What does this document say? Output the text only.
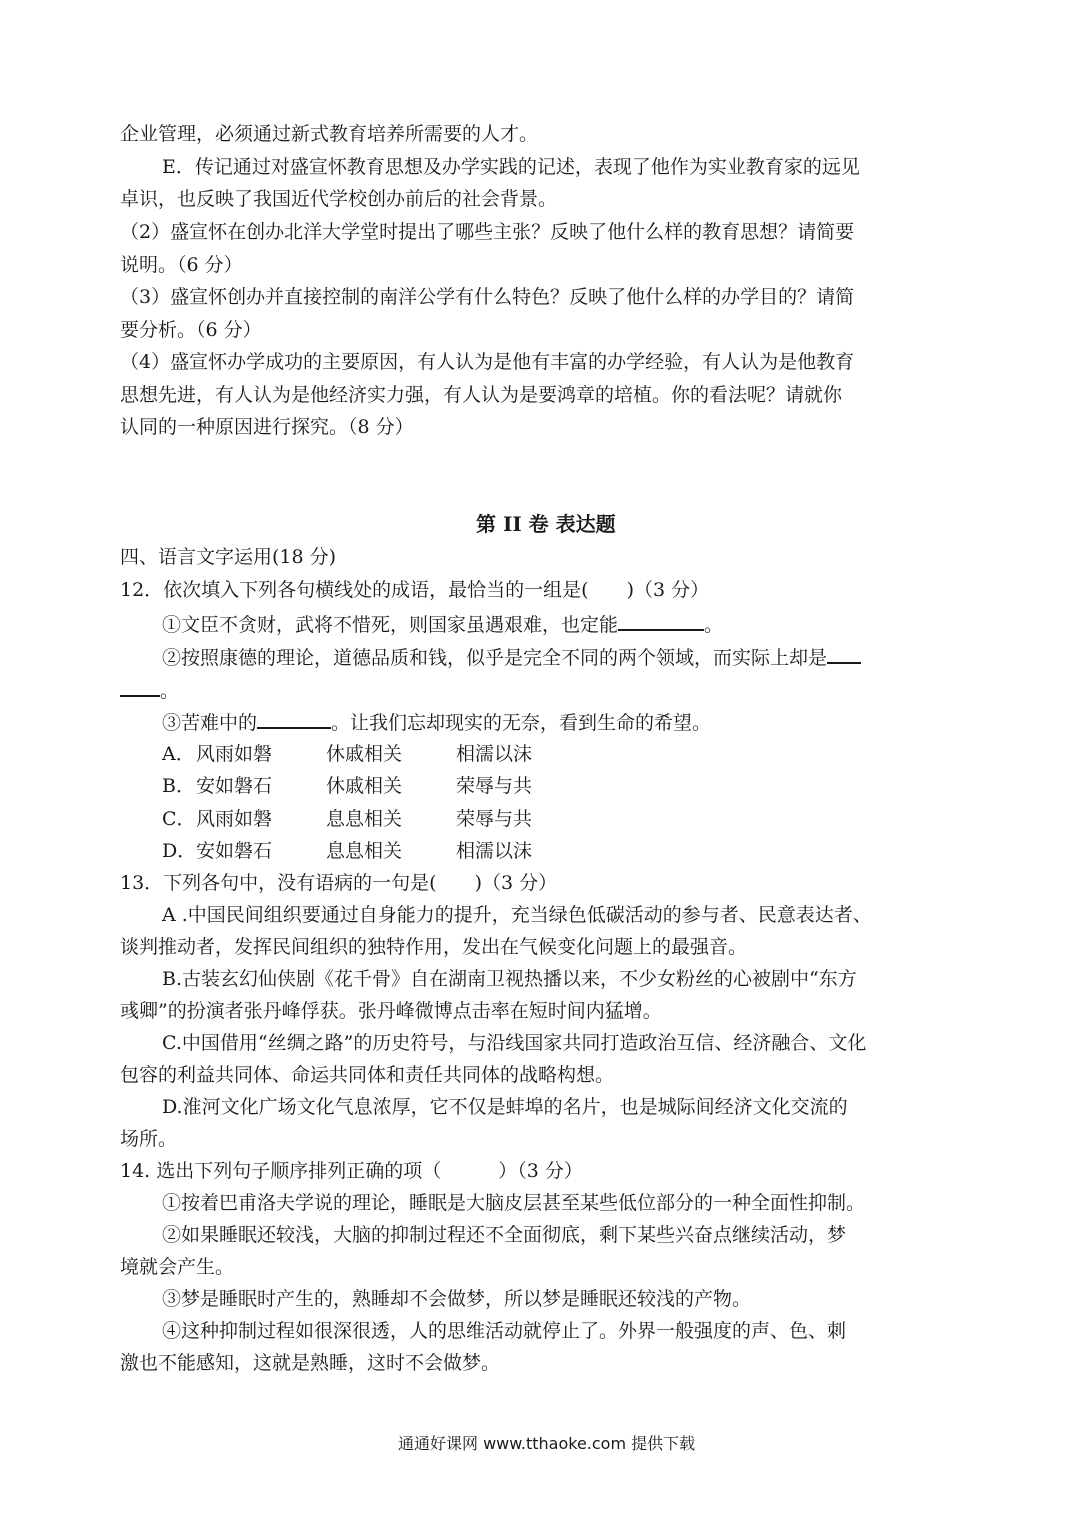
企业管理，必须通过新式教育培养所需要的人才。
E．传记通过对盛宣怀教育思想及办学实践的记述，表现了他作为实业教育家的远见
卓识，也反映了我国近代学校创办前后的社会背景。
（2）盛宣怀在创办北洋大学堂时提出了哪些主张？反映了他什么样的教育思想？请简要
说明。（6 分）
（3）盛宣怀创办并直接控制的南洋公学有什么特色？反映了他什么样的办学目的？请简
要分析。（6 分）
（4）盛宣怀办学成功的主要原因，有人认为是他有丰富的办学经验，有人认为是他教育
思想先进，有人认为是他经济实力强，有人认为是要鸿章的培植。你的看法呢？请就你
认同的一种原因进行探究。（8 分）
第 II 卷 表达题
四、语言文字运用(18 分)
12．依次填入下列各句横线处的成语，最恰当的一组是(　　)（3 分）
①文臣不贪财，武将不惜死，则国家虽遇艰难，也定能	。
②按照康德的理论，道德品质和钱，似乎是完全不同的两个领域，而实际上却是
。
③苦难中的	。让我们忘却现实的无奈，看到生命的希望。
A．风雨如磐	休戚相关	相濡以沫
B．安如磐石	休戚相关	荣辱与共
C．风雨如磐	息息相关	荣辱与共
D．安如磐石	息息相关	相濡以沫
13．下列各句中，没有语病的一句是(　　)（3 分）
A .中国民间组织要通过自身能力的提升，充当绿色低碳活动的参与者、民意表达者、
谈判推动者，发挥民间组织的独特作用，发出在气候变化问题上的最强音。
B.古装玄幻仙侠剧《花千骨》自在湖南卫视热播以来，不少女粉丝的心被剧中“东方
彧卿”的扮演者张丹峰俘获。张丹峰微博点击率在短时间内猛增。
C.中国借用“丝绸之路”的历史符号，与沿线国家共同打造政治互信、经济融合、文化
包容的利益共同体、命运共同体和责任共同体的战略构想。
D.淮河文化广场文化气息浓厚，它不仅是蚌埠的名片，也是城际间经济文化交流的
场所。
14. 选出下列句子顺序排列正确的项（　　　）（3 分）
①按着巴甫洛夫学说的理论，睡眠是大脑皮层甚至某些低位部分的一种全面性抑制。
②如果睡眠还较浅，大脑的抑制过程还不全面彻底，剩下某些兴奋点继续活动，梦
境就会产生。
③梦是睡眠时产生的，熟睡却不会做梦，所以梦是睡眠还较浅的产物。
④这种抑制过程如很深很透，人的思维活动就停止了。外界一般强度的声、色、刺
激也不能感知，这就是熟睡，这时不会做梦。
通通好课网 www.tthaoke.com 提供下载
